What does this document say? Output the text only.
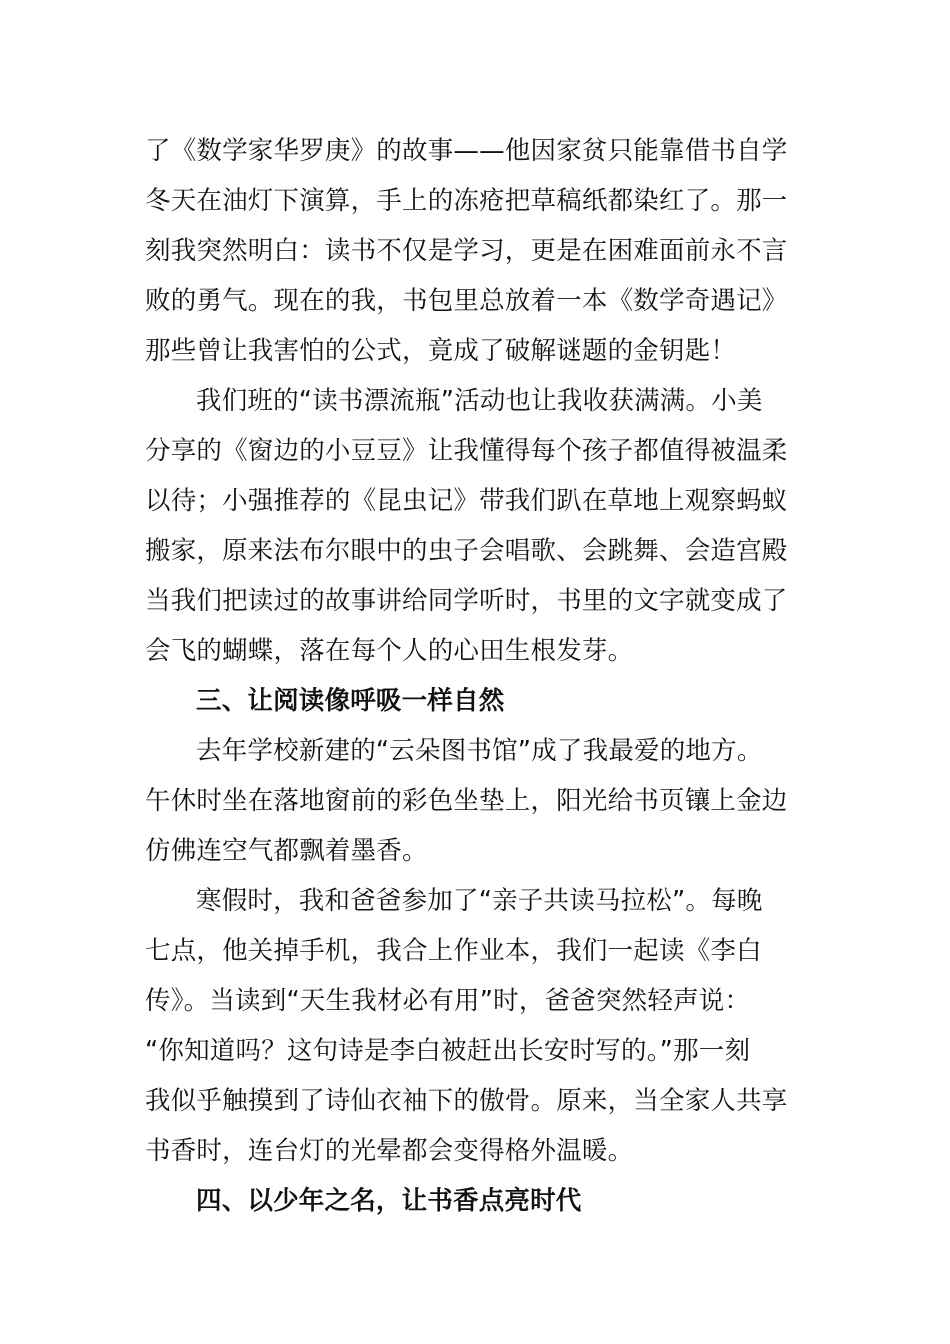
了《数学家华罗庚》的故事——他因家贫只能靠借书自学
冬天在油灯下演算，手上的冻疮把草稿纸都染红了。那一
刻我突然明白：读书不仅是学习，更是在困难面前永不言
败的勇气。现在的我，书包里总放着一本《数学奇遇记》
那些曾让我害怕的公式，竟成了破解谜题的金钥匙！
我们班的“读书漂流瓶”活动也让我收获满满。小美
分享的《窗边的小豆豆》让我懂得每个孩子都值得被温柔
以待；小强推荐的《昆虫记》带我们趴在草地上观察蚂蚁
搬家，原来法布尔眼中的虫子会唱歌、会跳舞、会造宫殿
当我们把读过的故事讲给同学听时，书里的文字就变成了
会飞的蝴蝶，落在每个人的心田生根发芽。
三、让阅读像呼吸一样自然
去年学校新建的“云朵图书馆”成了我最爱的地方。
午休时坐在落地窗前的彩色坐垫上，阳光给书页镶上金边
仿佛连空气都飘着墨香。
寒假时，我和爸爸参加了“亲子共读马拉松”。每晚
七点，他关掉手机，我合上作业本，我们一起读《李白
传》。当读到“天生我材必有用”时，爸爸突然轻声说：
“你知道吗？这句诗是李白被赶出长安时写的。”那一刻
我似乎触摸到了诗仙衣袖下的傲骨。原来，当全家人共享
书香时，连台灯的光晕都会变得格外温暖。
四、以少年之名，让书香点亮时代
